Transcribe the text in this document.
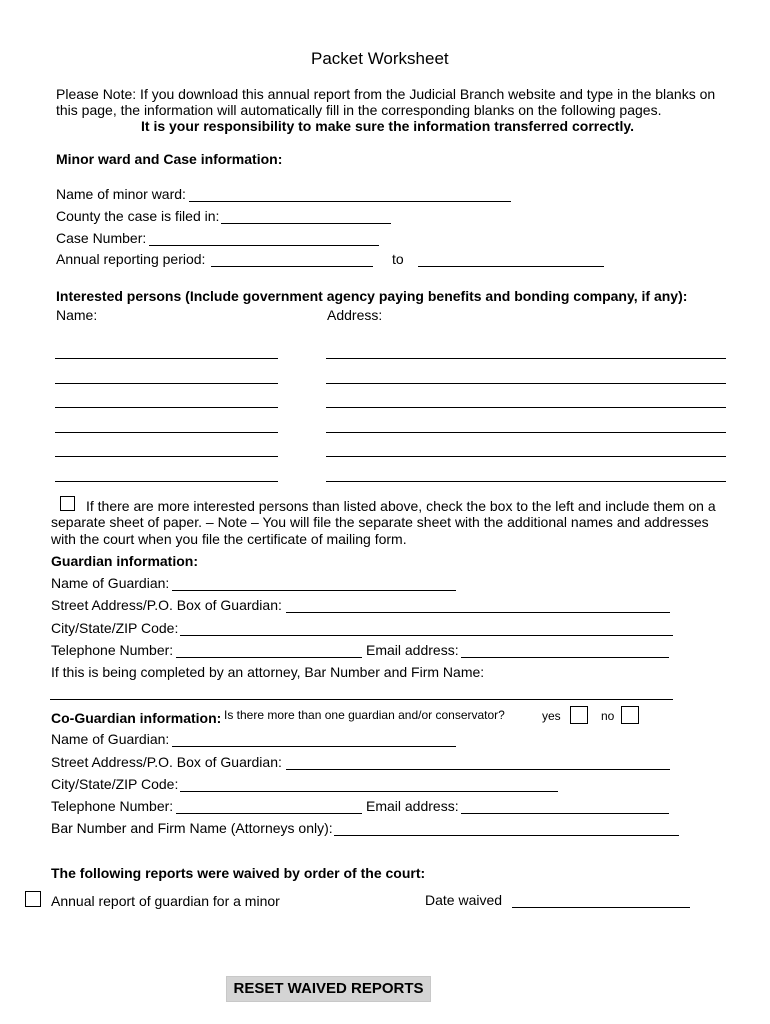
Packet Worksheet
Please Note: If you download this annual report from the Judicial Branch website and type in the blanks on
this page, the information will automatically fill in the corresponding blanks on the following pages.
It is your responsibility to make sure the information transferred correctly.
Minor ward and Case information:
Name of minor ward:
County the case is filed in:
Case Number:
Annual reporting period:	to
Interested persons (Include government agency paying benefits and bonding company, if any):
Name:	Address:
If there are more interested persons than listed above, check the box to the left and include them on a
separate sheet of paper. – Note – You will file the separate sheet with the additional names and addresses
with the court when you file the certificate of mailing form.
Guardian information:
Name of Guardian:
Street Address/P.O. Box of Guardian:
City/State/ZIP Code:
Telephone Number:	Email address:
If this is being completed by an attorney, Bar Number and Firm Name:
Co-Guardian information: Is there more than one guardian and/or conservator?	yes	no
Name of Guardian:
Street Address/P.O. Box of Guardian:
City/State/ZIP Code:
Telephone Number:	Email address:
Bar Number and Firm Name (Attorneys only):
The following reports were waived by order of the court:
Annual report of guardian for a minor	Date waived
RESET WAIVED REPORTS
